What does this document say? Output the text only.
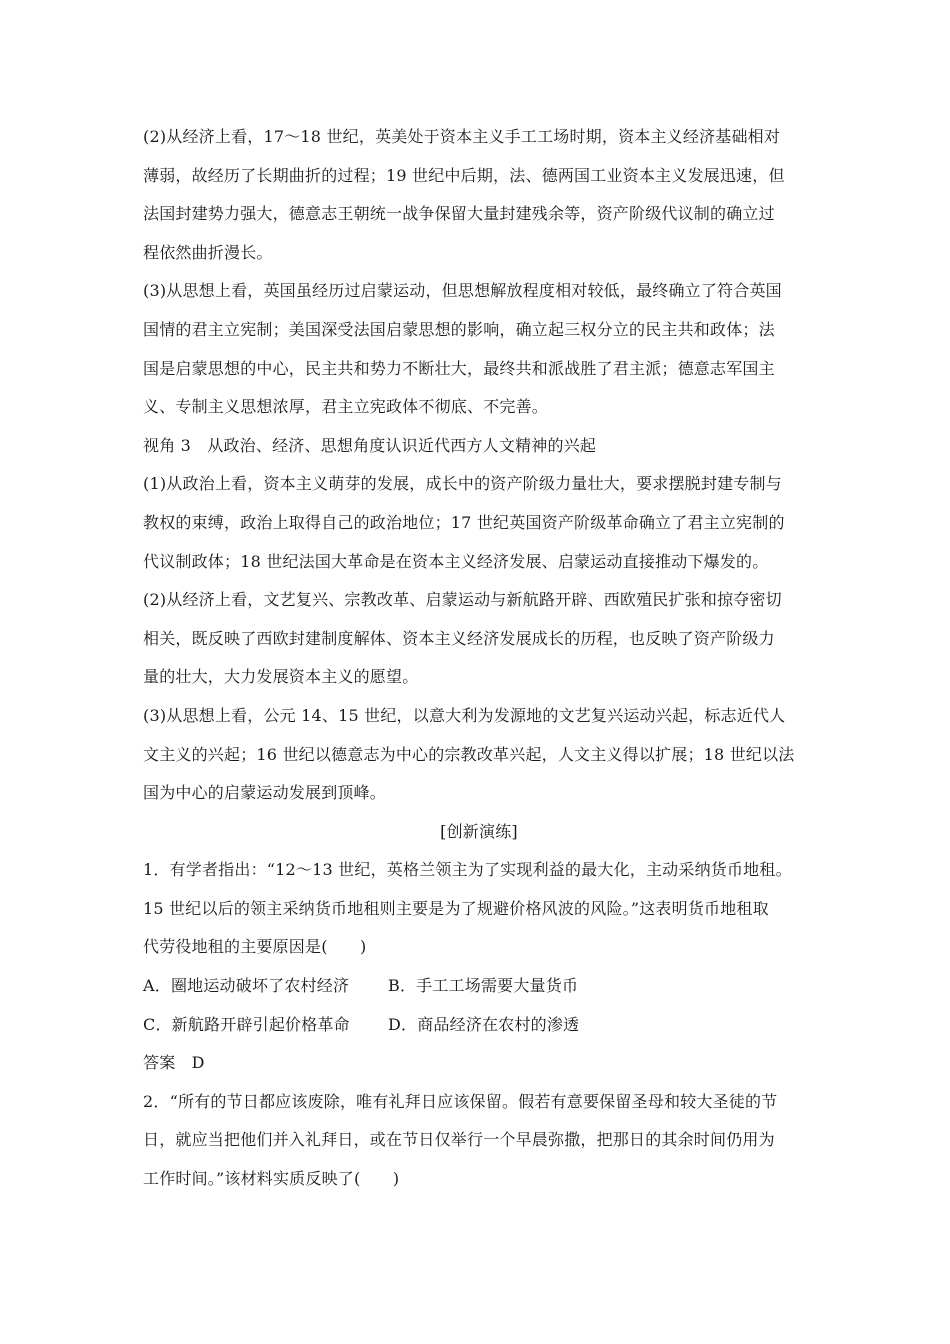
(2)从经济上看，17～18 世纪，英美处于资本主义手工工场时期，资本主义经济基础相对
薄弱，故经历了长期曲折的过程；19 世纪中后期，法、德两国工业资本主义发展迅速，但
法国封建势力强大，德意志王朝统一战争保留大量封建残余等，资产阶级代议制的确立过
程依然曲折漫长。
(3)从思想上看，英国虽经历过启蒙运动，但思想解放程度相对较低，最终确立了符合英国
国情的君主立宪制；美国深受法国启蒙思想的影响，确立起三权分立的民主共和政体；法
国是启蒙思想的中心，民主共和势力不断壮大，最终共和派战胜了君主派；德意志军国主
义、专制主义思想浓厚，君主立宪政体不彻底、不完善。
视角 3　从政治、经济、思想角度认识近代西方人文精神的兴起
(1)从政治上看，资本主义萌芽的发展，成长中的资产阶级力量壮大，要求摆脱封建专制与
教权的束缚，政治上取得自己的政治地位；17 世纪英国资产阶级革命确立了君主立宪制的
代议制政体；18 世纪法国大革命是在资本主义经济发展、启蒙运动直接推动下爆发的。
(2)从经济上看，文艺复兴、宗教改革、启蒙运动与新航路开辟、西欧殖民扩张和掠夺密切
相关，既反映了西欧封建制度解体、资本主义经济发展成长的历程，也反映了资产阶级力
量的壮大，大力发展资本主义的愿望。
(3)从思想上看，公元 14、15 世纪，以意大利为发源地的文艺复兴运动兴起，标志近代人
文主义的兴起；16 世纪以德意志为中心的宗教改革兴起，人文主义得以扩展；18 世纪以法
国为中心的启蒙运动发展到顶峰。
[创新演练]
1．有学者指出：“12～13 世纪，英格兰领主为了实现利益的最大化，主动采纳货币地租。
15 世纪以后的领主采纳货币地租则主要是为了规避价格风波的风险。”这表明货币地租取
代劳役地租的主要原因是(　　)
A．圈地运动破坏了农村经济 B．手工工场需要大量货币
C．新航路开辟引起价格革命 D．商品经济在农村的渗透
答案　D
2．“所有的节日都应该废除，唯有礼拜日应该保留。假若有意要保留圣母和较大圣徒的节
日，就应当把他们并入礼拜日，或在节日仅举行一个早晨弥撒，把那日的其余时间仍用为
工作时间。”该材料实质反映了(　　)
